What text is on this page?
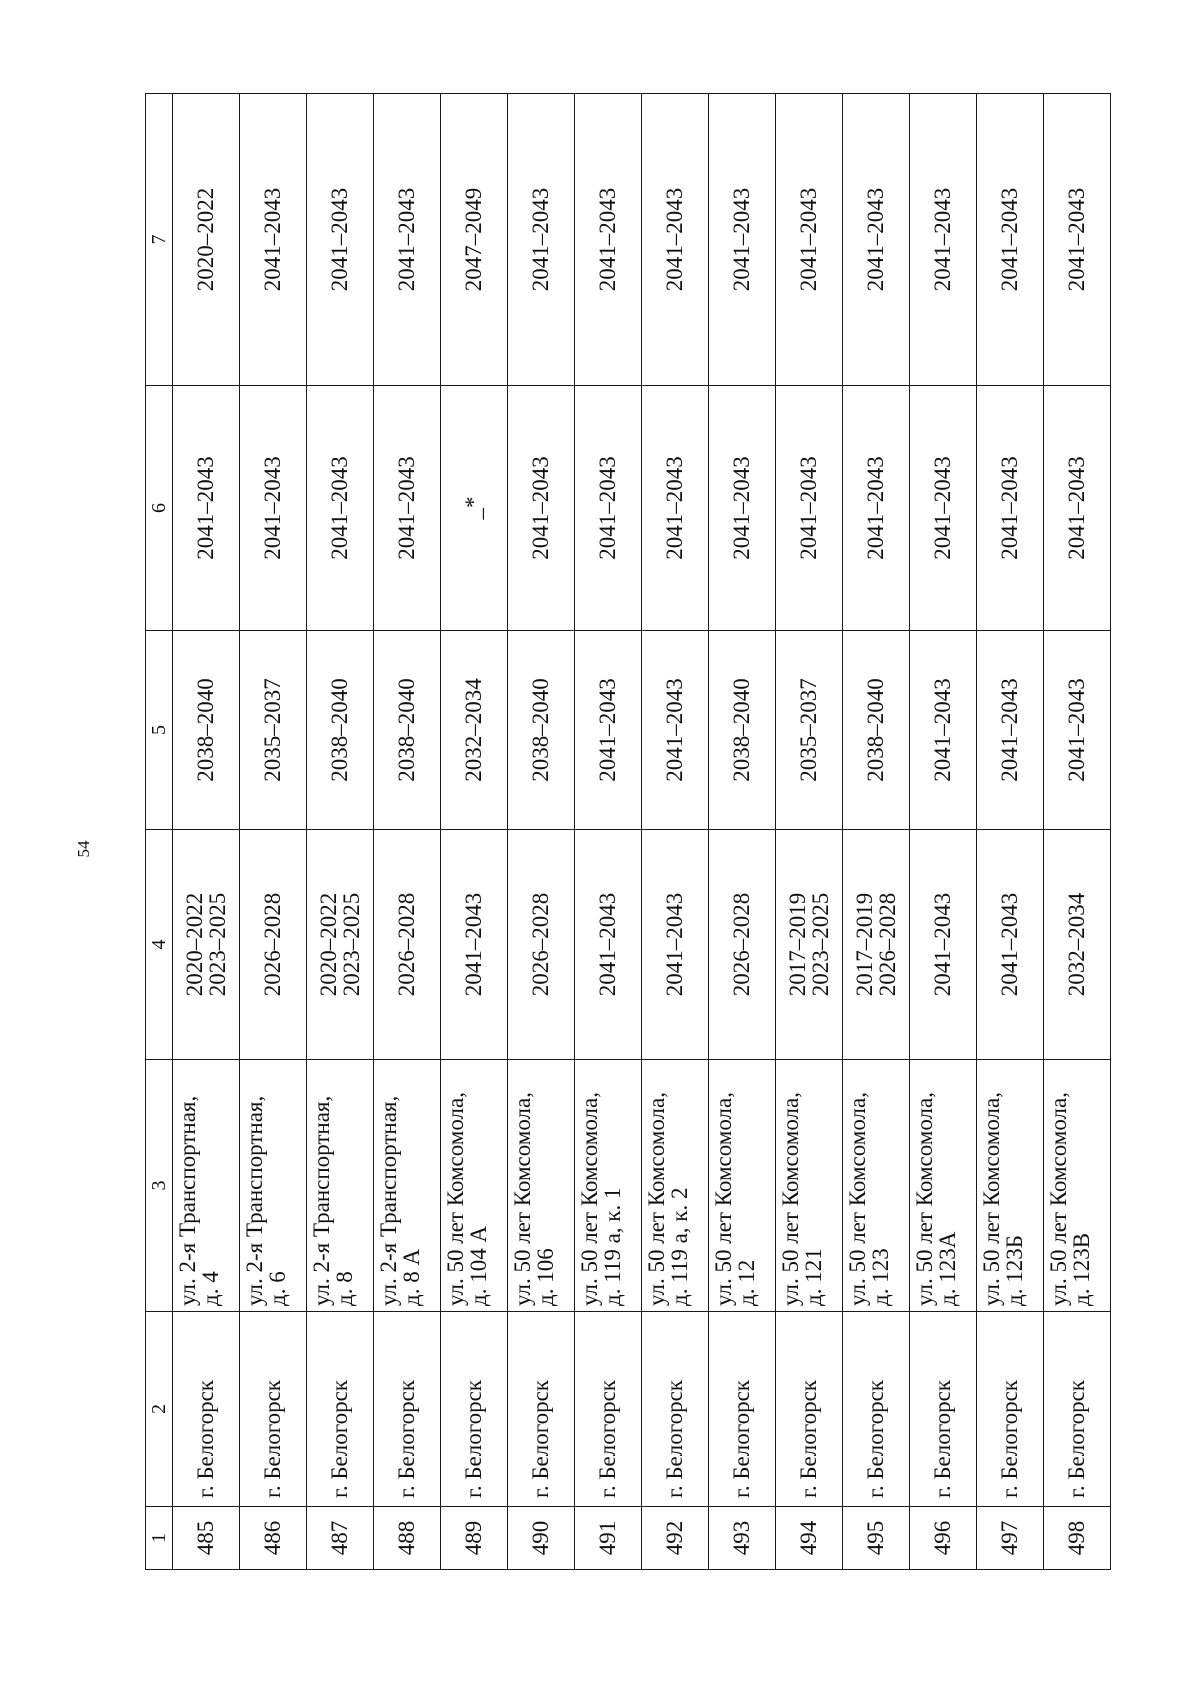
54
1	2	3	4	5	6	7

485	г. Белогорск	ул. 2-я Транспортная,
д. 4	2020–2022
2023–2025	2038–2040	2041–2043	2020–2022

486	г. Белогорск	ул. 2-я Транспортная,
д. 6	2026–2028	2035–2037	2041–2043	2041–2043

487	г. Белогорск	ул. 2-я Транспортная,
д. 8	2020–2022
2023–2025	2038–2040	2041–2043	2041–2043

488	г. Белогорск	ул. 2-я Транспортная,
д. 8 А	2026–2028	2038–2040	2041–2043	2041–2043

489	г. Белогорск	ул. 50 лет Комсомола,
д. 104 А	2041–2043	2032–2034	_*	2047–2049

490	г. Белогорск	ул. 50 лет Комсомола,
д. 106	2026–2028	2038–2040	2041–2043	2041–2043

491	г. Белогорск	ул. 50 лет Комсомола,
д. 119 а, к. 1	2041–2043	2041–2043	2041–2043	2041–2043

492	г. Белогорск	ул. 50 лет Комсомола,
д. 119 а, к. 2	2041–2043	2041–2043	2041–2043	2041–2043

493	г. Белогорск	ул. 50 лет Комсомола,
д. 12	2026–2028	2038–2040	2041–2043	2041–2043

494	г. Белогорск	ул. 50 лет Комсомола,
д. 121	2017–2019
2023–2025	2035–2037	2041–2043	2041–2043

495	г. Белогорск	ул. 50 лет Комсомола,
д. 123	2017–2019
2026–2028	2038–2040	2041–2043	2041–2043

496	г. Белогорск	ул. 50 лет Комсомола,
д. 123А	2041–2043	2041–2043	2041–2043	2041–2043

497	г. Белогорск	ул. 50 лет Комсомола,
д. 123Б	2041–2043	2041–2043	2041–2043	2041–2043

498	г. Белогорск	ул. 50 лет Комсомола,
д. 123В	2032–2034	2041–2043	2041–2043	2041–2043
